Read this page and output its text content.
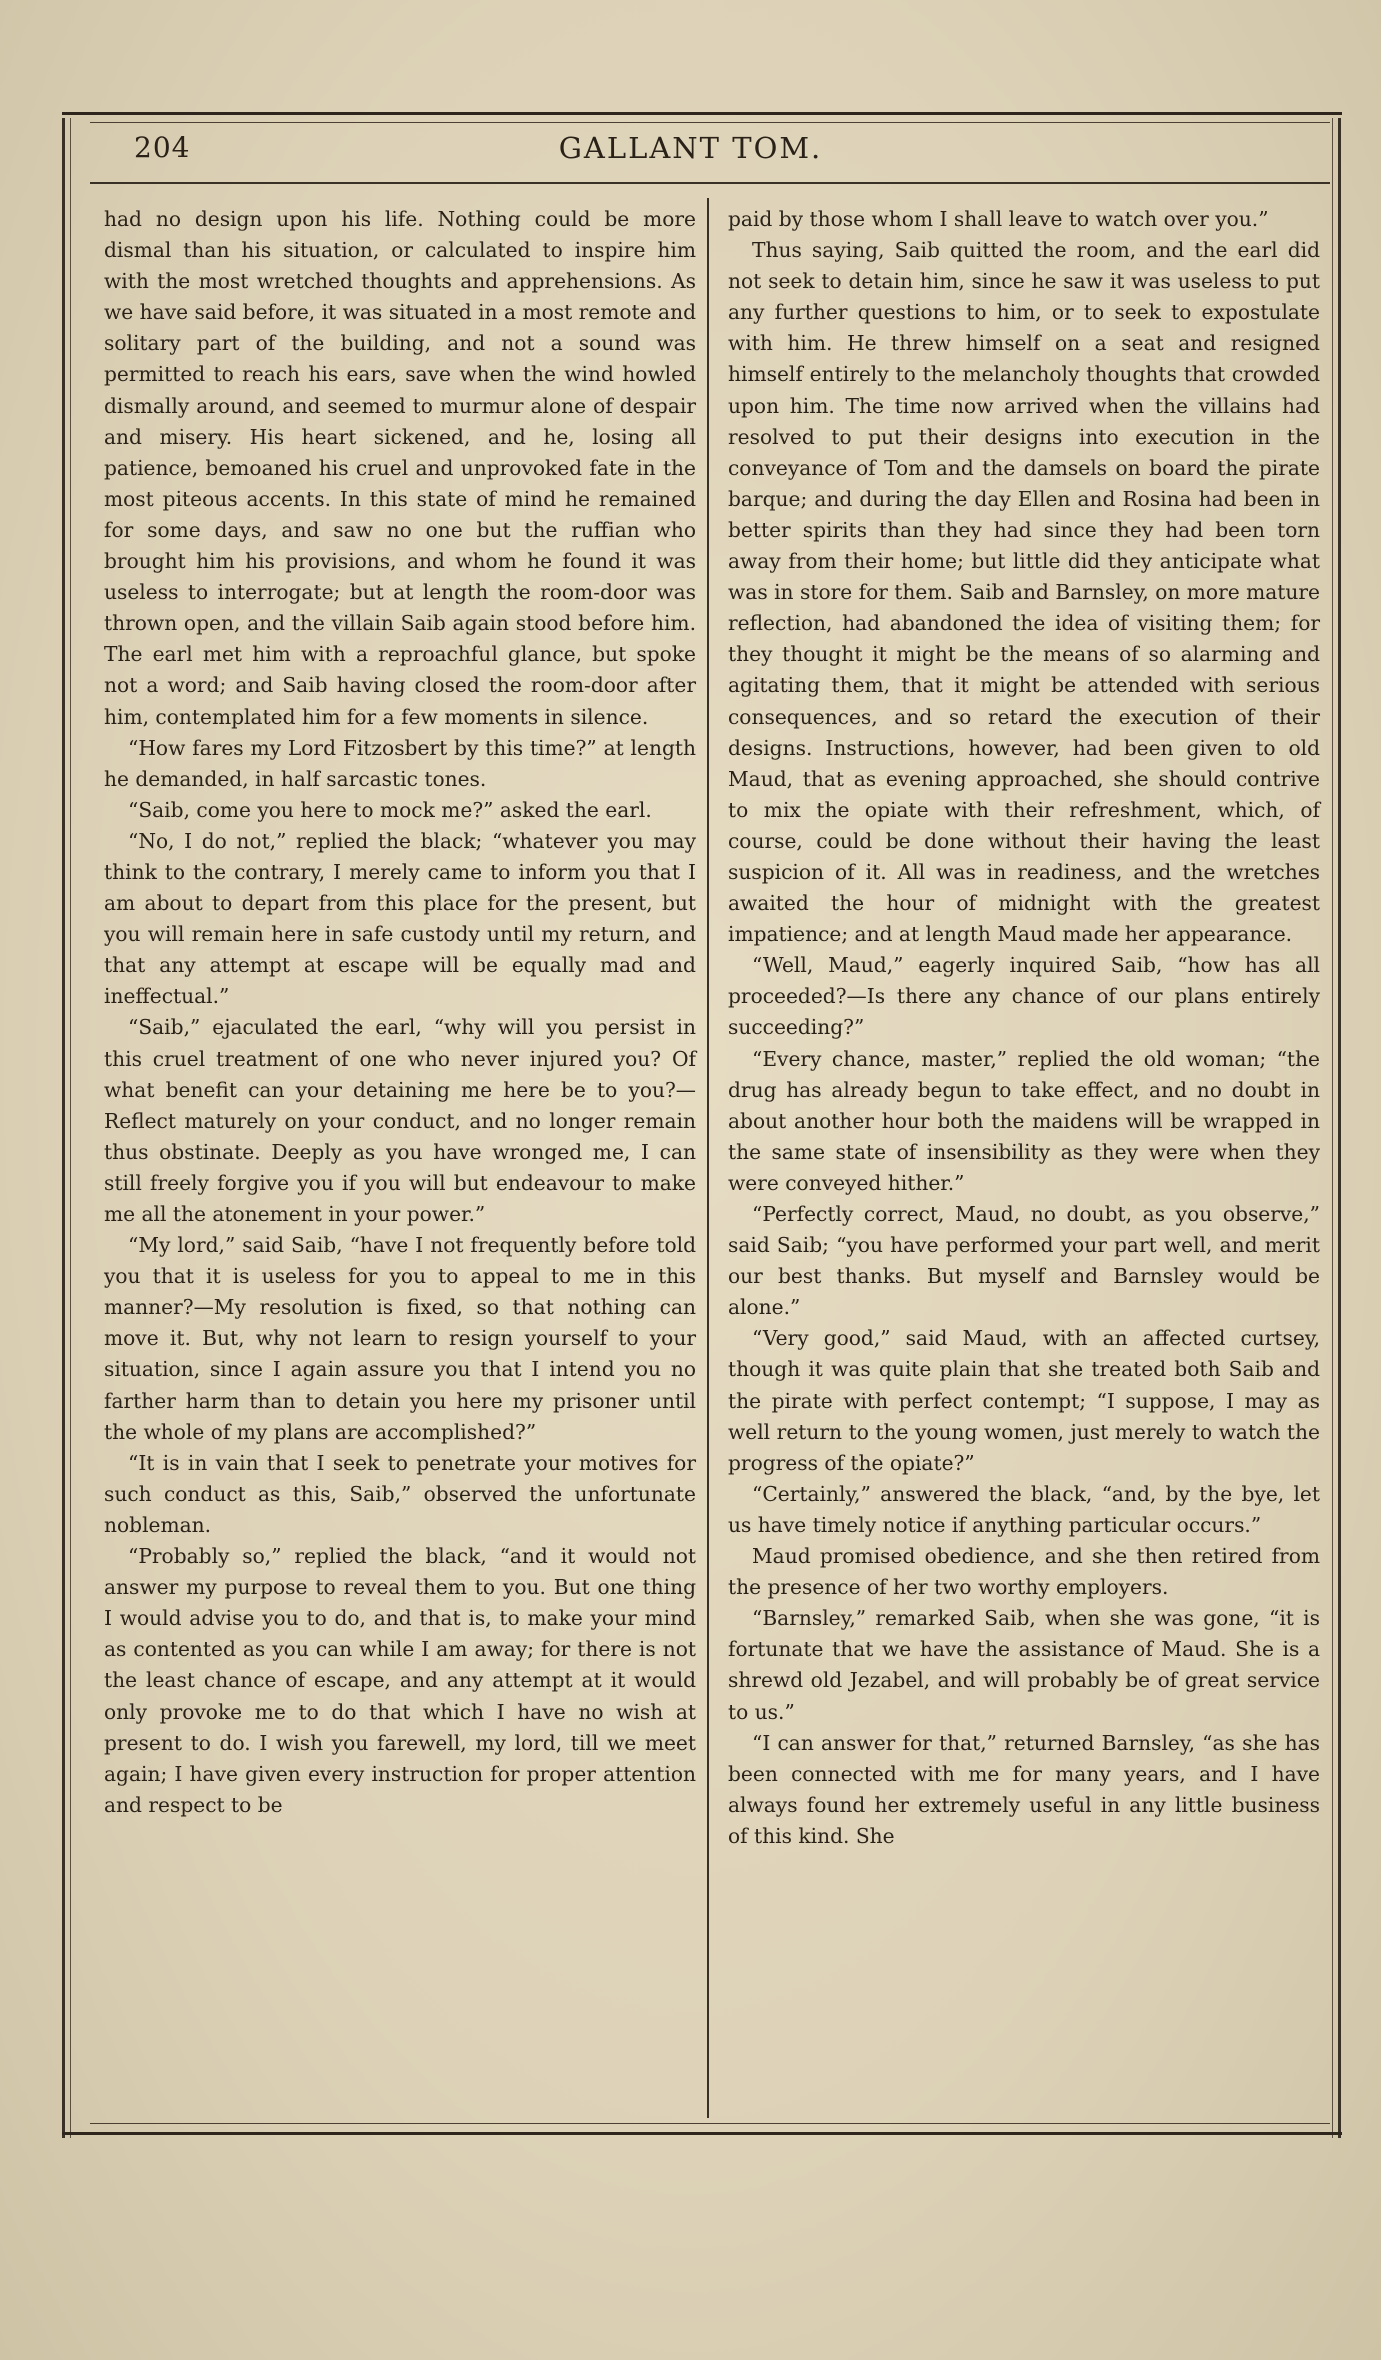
204	GALLANT TOM.

had no design upon his life. Nothing could be more dismal than his situation, or calculated to inspire him with the most wretched thoughts and apprehensions. As we have said before, it was situated in a most remote and solitary part of the building, and not a sound was permitted to reach his ears, save when the wind howled dismally around, and seemed to murmur alone of despair and misery. His heart sickened, and he, losing all patience, bemoaned his cruel and unprovoked fate in the most piteous accents. In this state of mind he remained for some days, and saw no one but the ruffian who brought him his provisions, and whom he found it was useless to interrogate; but at length the room-door was thrown open, and the villain Saib again stood before him. The earl met him with a reproachful glance, but spoke not a word; and Saib having closed the room-door after him, contemplated him for a few moments in silence.

“How fares my Lord Fitzosbert by this time?” at length he demanded, in half sarcastic tones.

“Saib, come you here to mock me?” asked the earl.

“No, I do not,” replied the black; “whatever you may think to the contrary, I merely came to inform you that I am about to depart from this place for the present, but you will remain here in safe custody until my return, and that any attempt at escape will be equally mad and ineffectual.”

“Saib,” ejaculated the earl, “why will you persist in this cruel treatment of one who never injured you? Of what benefit can your detaining me here be to you?—Reflect maturely on your conduct, and no longer remain thus obstinate. Deeply as you have wronged me, I can still freely forgive you if you will but endeavour to make me all the atonement in your power.”

“My lord,” said Saib, “have I not frequently before told you that it is useless for you to appeal to me in this manner?—My resolution is fixed, so that nothing can move it. But, why not learn to resign yourself to your situation, since I again assure you that I intend you no farther harm than to detain you here my prisoner until the whole of my plans are accomplished?”

“It is in vain that I seek to penetrate your motives for such conduct as this, Saib,” observed the unfortunate nobleman.

“Probably so,” replied the black, “and it would not answer my purpose to reveal them to you. But one thing I would advise you to do, and that is, to make your mind as contented as you can while I am away; for there is not the least chance of escape, and any attempt at it would only provoke me to do that which I have no wish at present to do. I wish you farewell, my lord, till we meet again; I have given every instruction for proper attention and respect to be

paid by those whom I shall leave to watch over you.”

Thus saying, Saib quitted the room, and the earl did not seek to detain him, since he saw it was useless to put any further questions to him, or to seek to expostulate with him. He threw himself on a seat and resigned himself entirely to the melancholy thoughts that crowded upon him. The time now arrived when the villains had resolved to put their designs into execution in the conveyance of Tom and the damsels on board the pirate barque; and during the day Ellen and Rosina had been in better spirits than they had since they had been torn away from their home; but little did they anticipate what was in store for them. Saib and Barnsley, on more mature reflection, had abandoned the idea of visiting them; for they thought it might be the means of so alarming and agitating them, that it might be attended with serious consequences, and so retard the execution of their designs. Instructions, however, had been given to old Maud, that as evening approached, she should contrive to mix the opiate with their refreshment, which, of course, could be done without their having the least suspicion of it. All was in readiness, and the wretches awaited the hour of midnight with the greatest impatience; and at length Maud made her appearance.

“Well, Maud,” eagerly inquired Saib, “how has all proceeded?—Is there any chance of our plans entirely succeeding?”

“Every chance, master,” replied the old woman; “the drug has already begun to take effect, and no doubt in about another hour both the maidens will be wrapped in the same state of insensibility as they were when they were conveyed hither.”

“Perfectly correct, Maud, no doubt, as you observe,” said Saib; “you have performed your part well, and merit our best thanks. But myself and Barnsley would be alone.”

“Very good,” said Maud, with an affected curtsey, though it was quite plain that she treated both Saib and the pirate with perfect contempt; “I suppose, I may as well return to the young women, just merely to watch the progress of the opiate?”

“Certainly,” answered the black, “and, by the bye, let us have timely notice if anything particular occurs.”

Maud promised obedience, and she then retired from the presence of her two worthy employers.

“Barnsley,” remarked Saib, when she was gone, “it is fortunate that we have the assistance of Maud. She is a shrewd old Jezabel, and will probably be of great service to us.”

“I can answer for that,” returned Barnsley, “as she has been connected with me for many years, and I have always found her extremely useful in any little business of this kind. She
